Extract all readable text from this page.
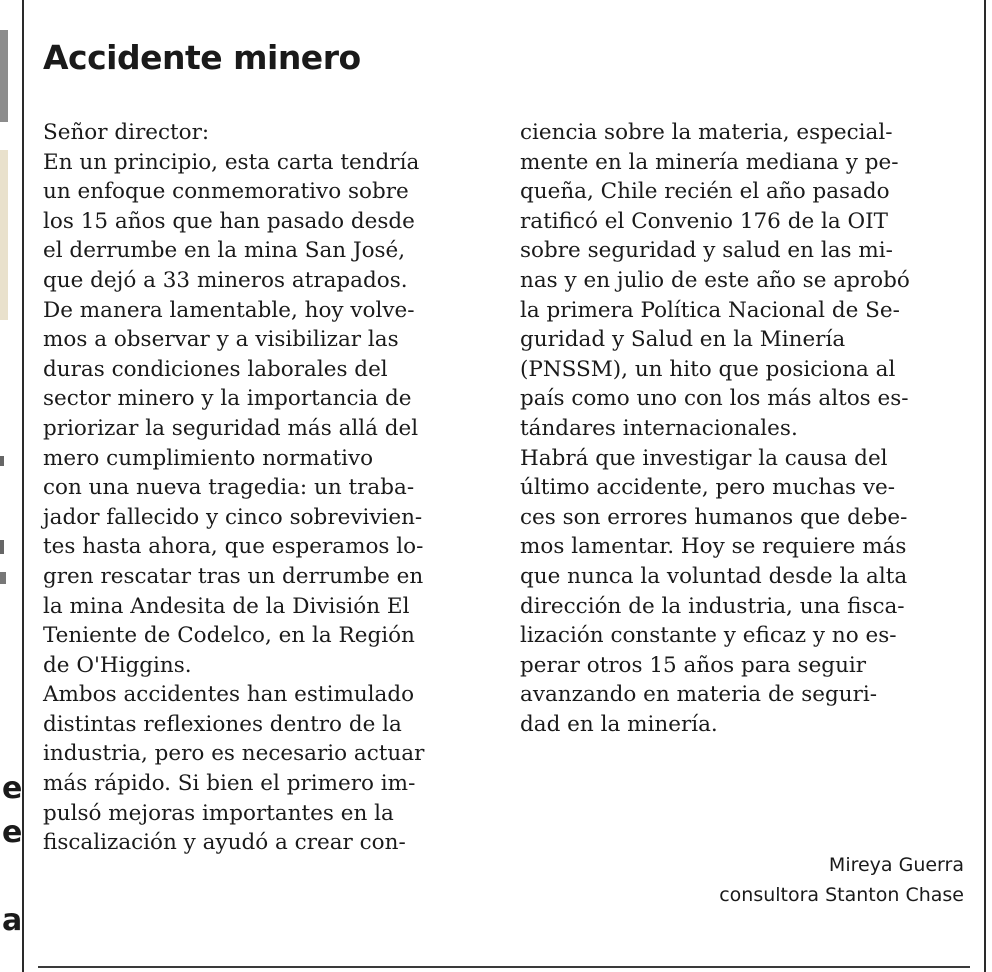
e
e
a
Accidente minero
Señor director:
En un principio, esta carta tendría
un enfoque conmemorativo sobre
los 15 años que han pasado desde
el derrumbe en la mina San José,
que dejó a 33 mineros atrapados.
De manera lamentable, hoy volve-
mos a observar y a visibilizar las
duras condiciones laborales del
sector minero y la importancia de
priorizar la seguridad más allá del
mero cumplimiento normativo
con una nueva tragedia: un traba-
jador fallecido y cinco sobrevivien-
tes hasta ahora, que esperamos lo-
gren rescatar tras un derrumbe en
la mina Andesita de la División El
Teniente de Codelco, en la Región
de O'Higgins.
Ambos accidentes han estimulado
distintas reflexiones dentro de la
industria, pero es necesario actuar
más rápido. Si bien el primero im-
pulsó mejoras importantes en la
fiscalización y ayudó a crear con-
ciencia sobre la materia, especial-
mente en la minería mediana y pe-
queña, Chile recién el año pasado
ratificó el Convenio 176 de la OIT
sobre seguridad y salud en las mi-
nas y en julio de este año se aprobó
la primera Política Nacional de Se-
guridad y Salud en la Minería
(PNSSM), un hito que posiciona al
país como uno con los más altos es-
tándares internacionales.
Habrá que investigar la causa del
último accidente, pero muchas ve-
ces son errores humanos que debe-
mos lamentar. Hoy se requiere más
que nunca la voluntad desde la alta
dirección de la industria, una fisca-
lización constante y eficaz y no es-
perar otros 15 años para seguir
avanzando en materia de seguri-
dad en la minería.
Mireya Guerra
consultora Stanton Chase
